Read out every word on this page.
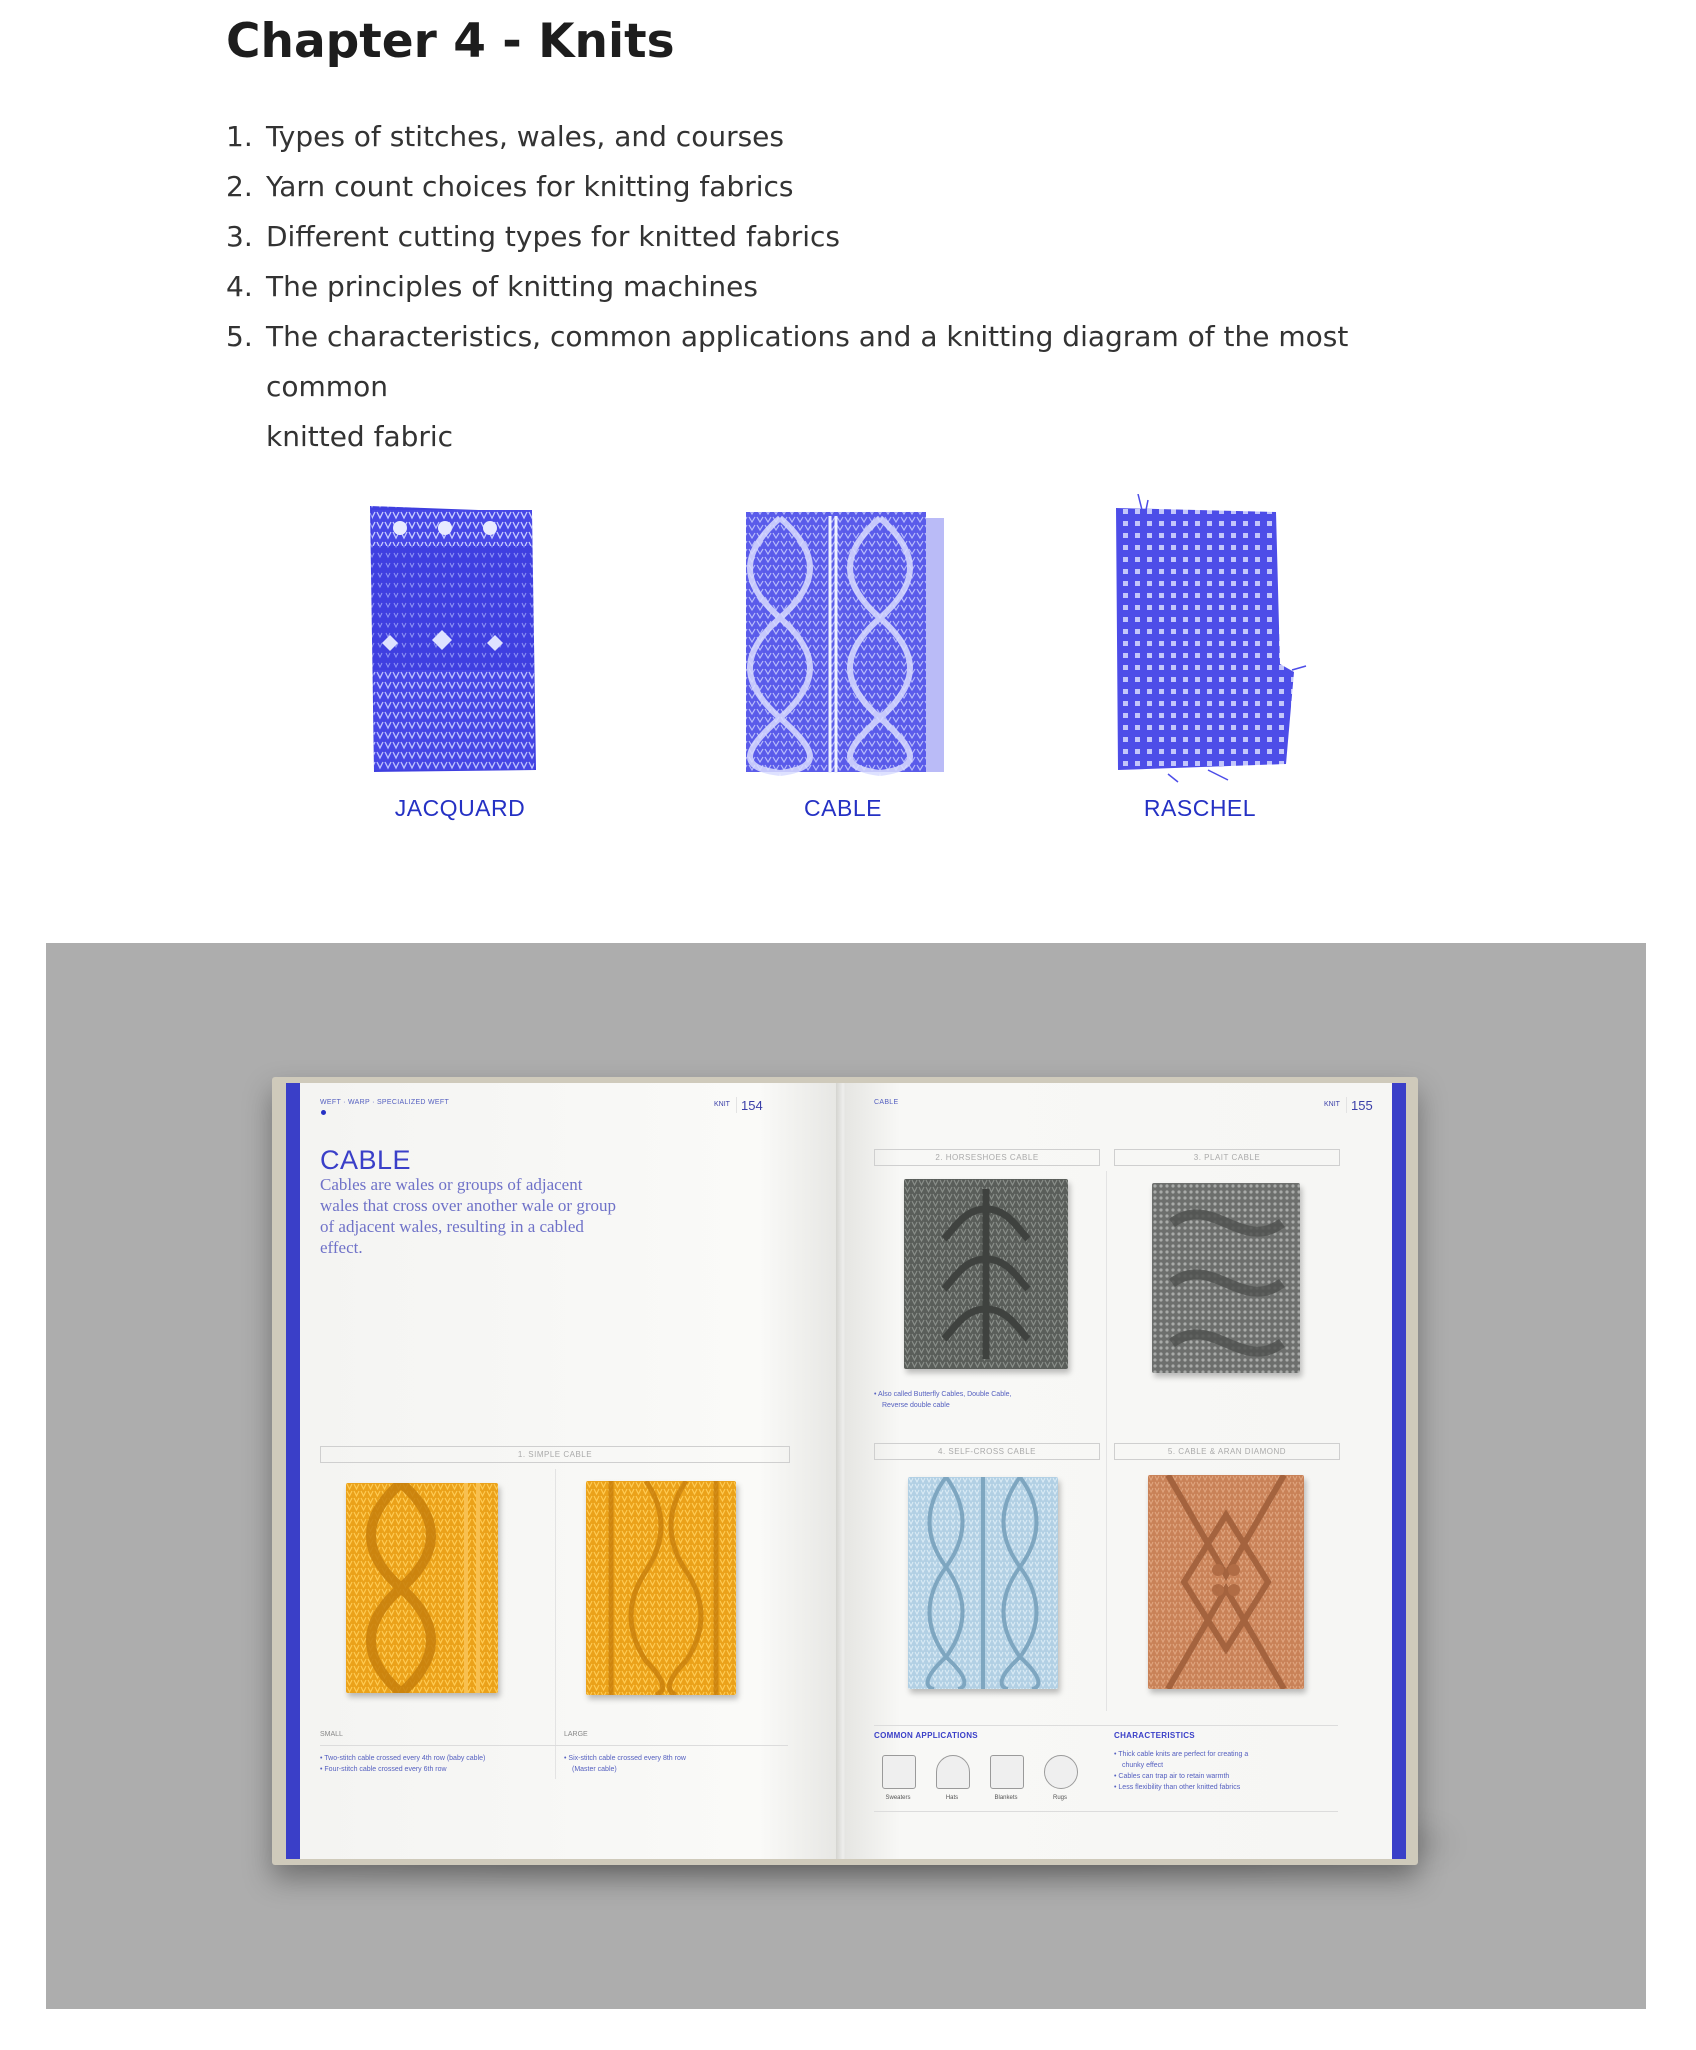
Chapter 4 - Knits
1. Types of stitches, wales, and courses
2. Yarn count choices for knitting fabrics
3. Different cutting types for knitted fabrics
4. The principles of knitting machines
5. The characteristics, common applications and a knitting diagram of the most common
knitted fabric
JACQUARD	CABLE	RASCHEL
WEFT · WARP · SPECIALIZED WEFT	KNIT 154
CABLE
Cables are wales or groups of adjacent wales that cross over another wale or group of adjacent wales, resulting in a cabled effect.
1. SIMPLE CABLE
SMALL	LARGE
• Two-stitch cable crossed every 4th row (baby cable)
• Four-stitch cable crossed every 6th row
• Six-stitch cable crossed every 8th row
(Master cable)
CABLE	KNIT 155
2. HORSESHOES CABLE	3. PLAIT CABLE
• Also called Butterfly Cables, Double Cable,
Reverse double cable
4. SELF-CROSS CABLE	5. CABLE & ARAN DIAMOND
COMMON APPLICATIONS	CHARACTERISTICS
Sweaters	Hats	Blankets	Rugs
• Thick cable knits are perfect for creating a
chunky effect
• Cables can trap air to retain warmth
• Less flexibility than other knitted fabrics
